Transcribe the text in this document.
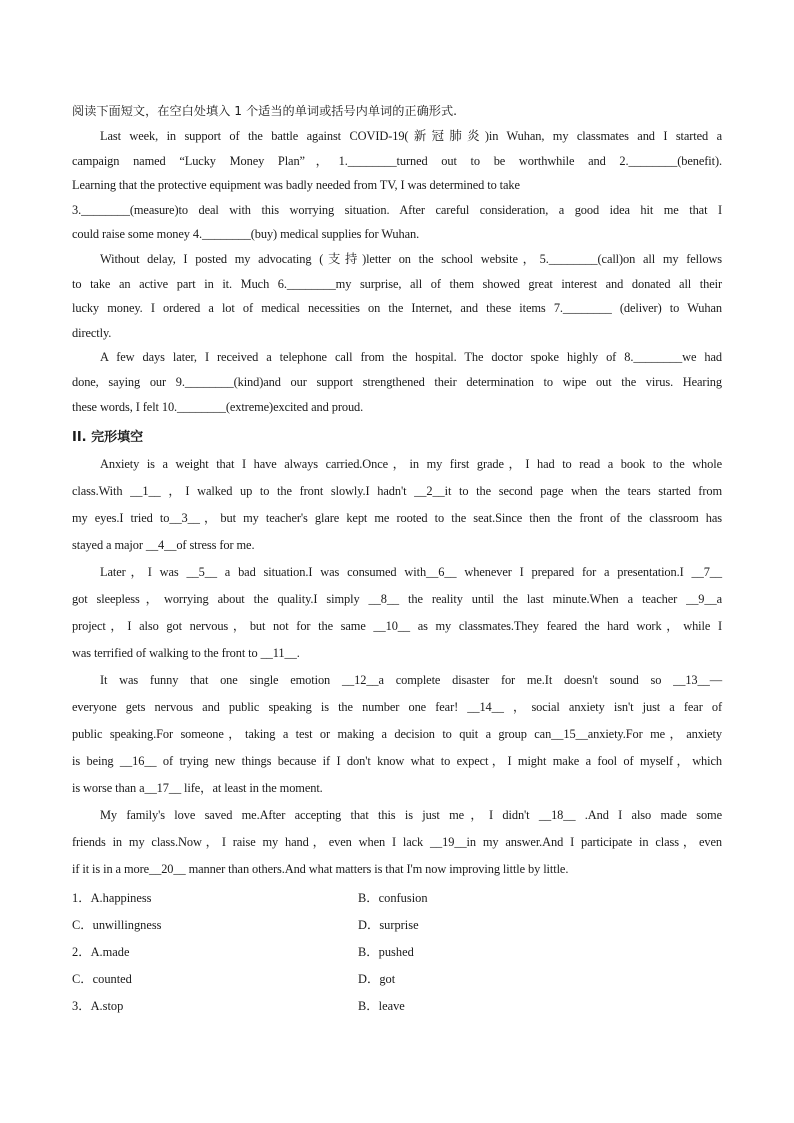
阅读下面短文，在空白处填入 1 个适当的单词或括号内单词的正确形式.

Last week, in support of the battle against COVID-19(新冠肺炎)in Wuhan, my classmates and I started a

campaign named “Lucky Money Plan”，1.________turned out to be worthwhile and 2.________(benefit).

Learning that the protective equipment was badly needed from TV, I was determined to take

3.________(measure)to deal with this worrying situation. After careful consideration, a good idea hit me that I

could raise some money 4.________(buy) medical supplies for Wuhan.

Without delay, I posted my advocating (支持)letter on the school website，5.________(call)on all my fellows

to take an active part in it. Much 6.________my surprise, all of them showed great interest and donated all their

lucky money. I ordered a lot of medical necessities on the Internet, and these items 7.________ (deliver) to Wuhan

directly.

A few days later, I received a telephone call from the hospital. The doctor spoke highly of 8.________we had

done, saying our 9.________(kind)and our support strengthened their determination to wipe out the virus. Hearing

these words, I felt 10.________(extreme)excited and proud.

II. 完形填空

Anxiety is a weight that I have always carried.Once，in my first grade，I had to read a book to the whole

class.With __1__ ，I walked up to the front slowly.I hadn't __2__it to the second page when the tears started from

my eyes.I tried to__3__，but my teacher's glare kept me rooted to the seat.Since then the front of the classroom has

stayed a major __4__of stress for me.

Later，I was __5__ a bad situation.I was consumed with__6__ whenever I prepared for a presentation.I __7__

got sleepless，worrying about the quality.I simply __8__ the reality until the last minute.When a teacher __9__a

project，I also got nervous，but not for the same __10__ as my classmates.They feared the hard work，while I

was terrified of walking to the front to __11__.

It was funny that one single emotion __12__a complete disaster for me.It doesn't sound so __13__—

everyone gets nervous and public speaking is the number one fear! __14__ ，social anxiety isn't just a fear of

public speaking.For someone，taking a test or making a decision to quit a group can__15__anxiety.For me，anxiety

is being __16__ of trying new things because if I don't know what to expect，I might make a fool of myself，which

is worse than a__17__ life，at least in the moment.

My family's love saved me.After accepting that this is just me，I didn't __18__ .And I also made some

friends in my class.Now，I raise my hand，even when I lack __19__in my answer.And I participate in class，even

if it is in a more__20__ manner than others.And what matters is that I'm now improving little by little.

1．A.happiness	B．confusion
C．unwillingness	D．surprise
2．A.made	B．pushed
C．counted	D．got
3．A.stop	B．leave
